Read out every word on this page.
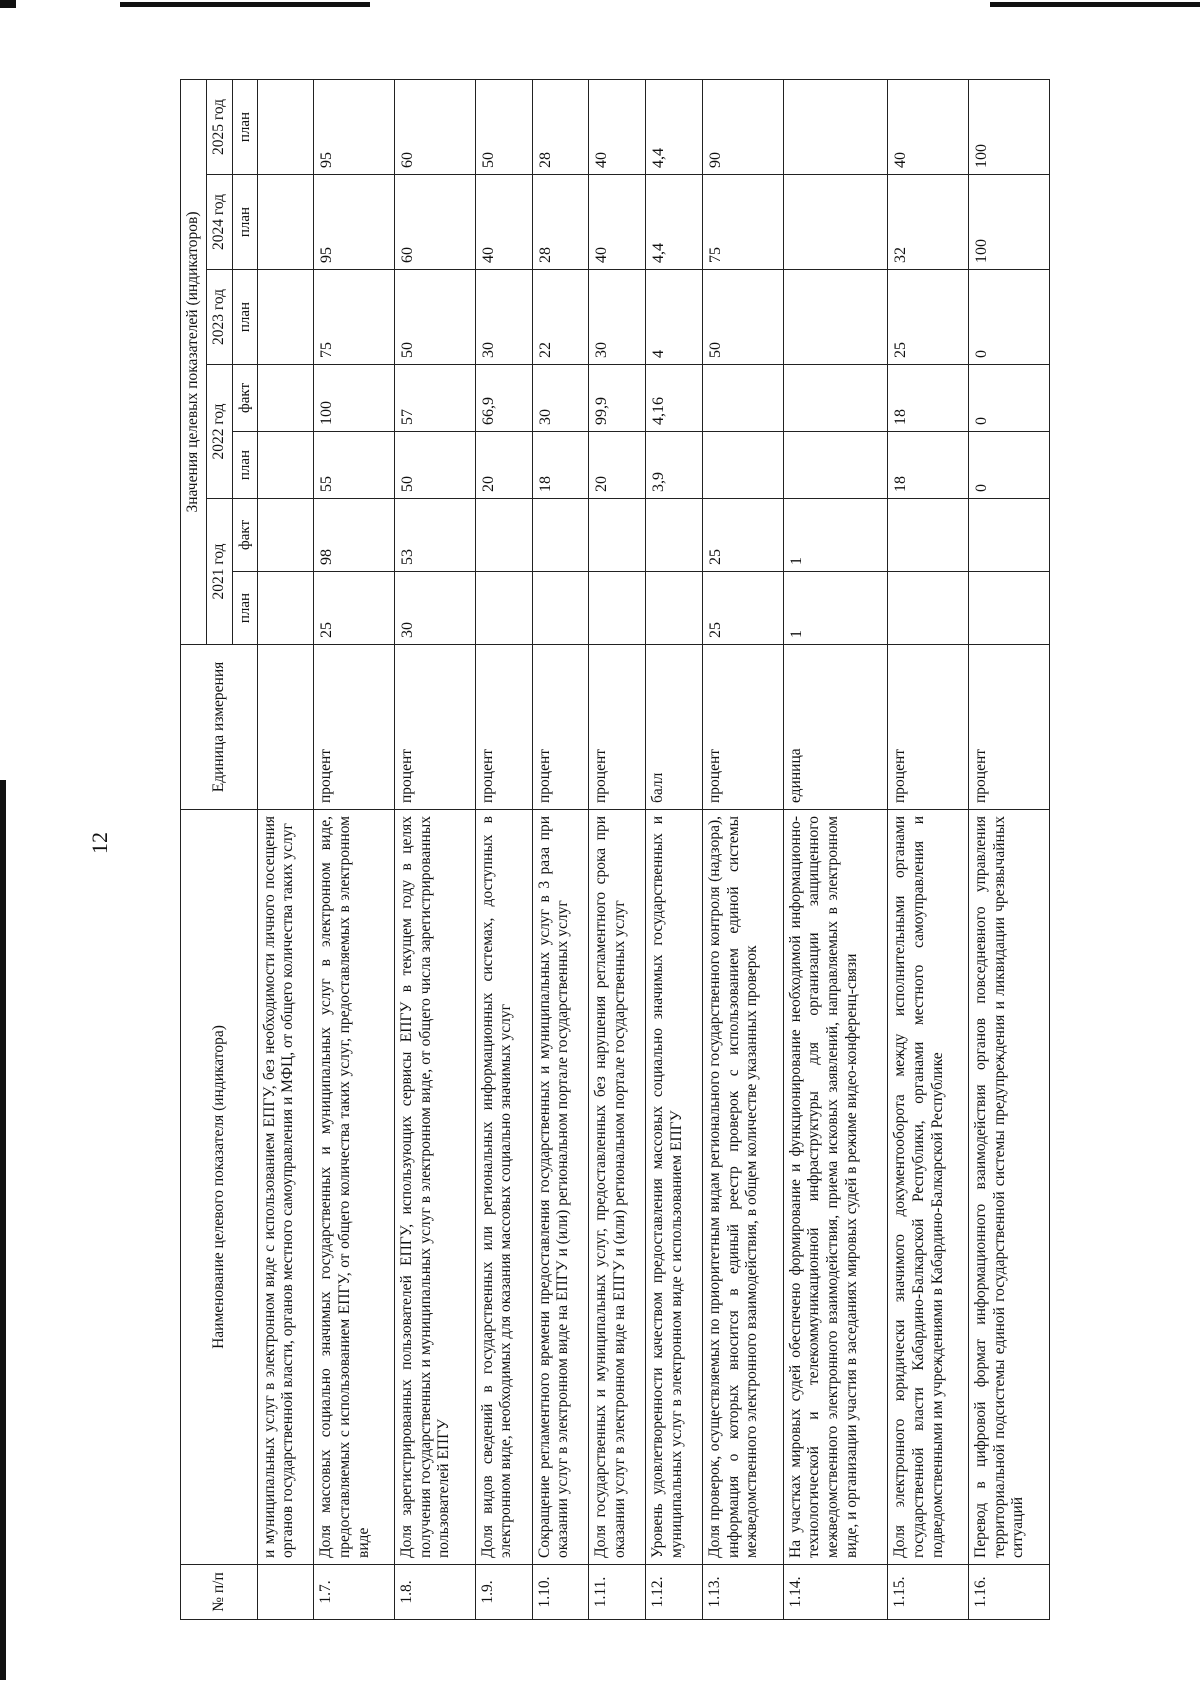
12
№ п/п	Наименование целевого показателя (индикатора)	Единица измерения	Значения целевых показателей (индикаторов)						
			2021 год		2022 год		2023 год	2024 год	2025 год
			план	факт	план	факт	план	план	план
	и муниципальных услуг в электронном виде с использованием ЕПГУ, без необходимости личного посещения органов государственной власти, органов местного самоуправления и МФЦ, от общего количества таких услуг								
1.7.	Доля массовых социально значимых государственных и муниципальных услуг в электронном виде, предоставляемых с использованием ЕПГУ, от общего количества таких услуг, предоставляемых в электронном виде	процент	25	98	55	100	75	95	95
1.8.	Доля зарегистрированных пользователей ЕПГУ, использующих сервисы ЕПГУ в текущем году в целях получения государственных и муниципальных услуг в электронном виде, от общего числа зарегистрированных пользователей ЕПГУ	процент	30	53	50	57	50	60	60
1.9.	Доля видов сведений в государственных или региональных информационных системах, доступных в электронном виде, необходимых для оказания массовых социально значимых услуг	процент			20	66,9	30	40	50
1.10.	Сокращение регламентного времени предоставления государственных и муниципальных услуг в 3 раза при оказании услуг в электронном виде на ЕПГУ и (или) региональном портале государственных услуг	процент			18	30	22	28	28
1.11.	Доля государственных и муниципальных услуг, предоставленных без нарушения регламентного срока при оказании услуг в электронном виде на ЕПГУ и (или) региональном портале государственных услуг	процент			20	99,9	30	40	40
1.12.	Уровень удовлетворенности качеством предоставления массовых социально значимых государственных и муниципальных услуг в электронном виде с использованием ЕПГУ	балл			3,9	4,16	4	4,4	4,4
1.13.	Доля проверок, осуществляемых по приоритетным видам регионального государственного контроля (надзора), информация о которых вносится в единый реестр проверок с использованием единой системы межведомственного электронного взаимодействия, в общем количестве указанных проверок	процент	25	25			50	75	90
1.14.	На участках мировых судей обеспечено формирование и функционирование необходимой информационно-технологической и телекоммуникационной инфраструктуры для организации защищенного межведомственного электронного взаимодействия, приема исковых заявлений, направляемых в электронном виде, и организации участия в заседаниях мировых судей в режиме видео-конференц-связи	единица	1	1					
1.15.	Доля электронного юридически значимого документооборота между исполнительными органами государственной власти Кабардино-Балкарской Республики, органами местного самоуправления и подведомственными им учреждениями в Кабардино-Балкарской Республике	процент			18	18	25	32	40
1.16.	Перевод в цифровой формат информационного взаимодействия органов повседневного управления территориальной подсистемы единой государственной системы предупреждения и ликвидации чрезвычайных ситуаций	процент			0	0	0	100	100
